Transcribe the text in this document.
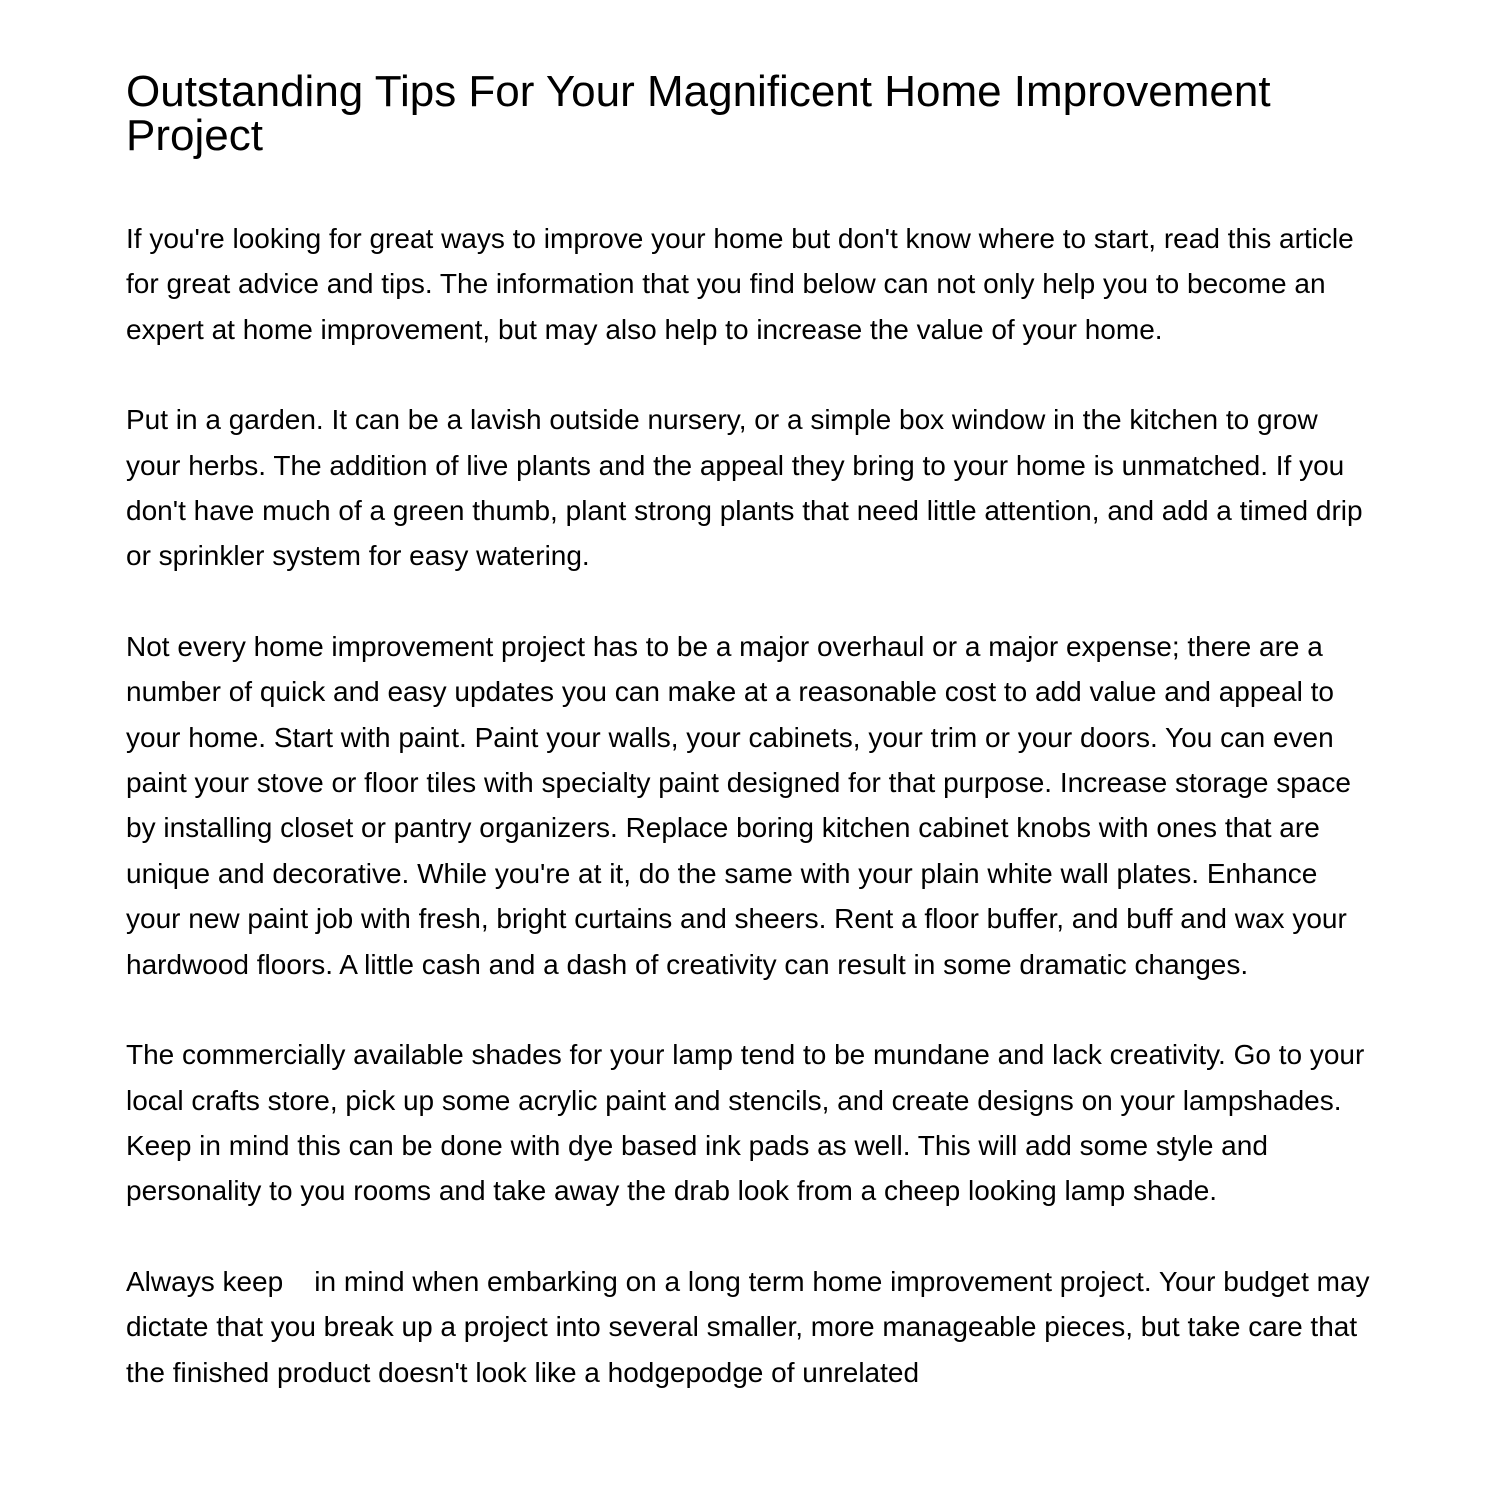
Outstanding Tips For Your Magnificent Home Improvement Project

If you're looking for great ways to improve your home but don't know where to start, read this article for great advice and tips. The information that you find below can not only help you to become an expert at home improvement, but may also help to increase the value of your home.

Put in a garden. It can be a lavish outside nursery, or a simple box window in the kitchen to grow your herbs. The addition of live plants and the appeal they bring to your home is unmatched. If you don't have much of a green thumb, plant strong plants that need little attention, and add a timed drip or sprinkler system for easy watering.

Not every home improvement project has to be a major overhaul or a major expense; there are a number of quick and easy updates you can make at a reasonable cost to add value and appeal to your home. Start with paint. Paint your walls, your cabinets, your trim or your doors. You can even paint your stove or floor tiles with specialty paint designed for that purpose. Increase storage space by installing closet or pantry organizers. Replace boring kitchen cabinet knobs with ones that are unique and decorative. While you're at it, do the same with your plain white wall plates. Enhance your new paint job with fresh, bright curtains and sheers. Rent a floor buffer, and buff and wax your hardwood floors. A little cash and a dash of creativity can result in some dramatic changes.

The commercially available shades for your lamp tend to be mundane and lack creativity. Go to your local crafts store, pick up some acrylic paint and stencils, and create designs on your lampshades. Keep in mind this can be done with dye based ink pads as well. This will add some style and personality to you rooms and take away the drab look from a cheep looking lamp shade.

Always keep    in mind when embarking on a long term home improvement project. Your budget may dictate that you break up a project into several smaller, more manageable pieces, but take care that the finished product doesn't look like a hodgepodge of unrelated
